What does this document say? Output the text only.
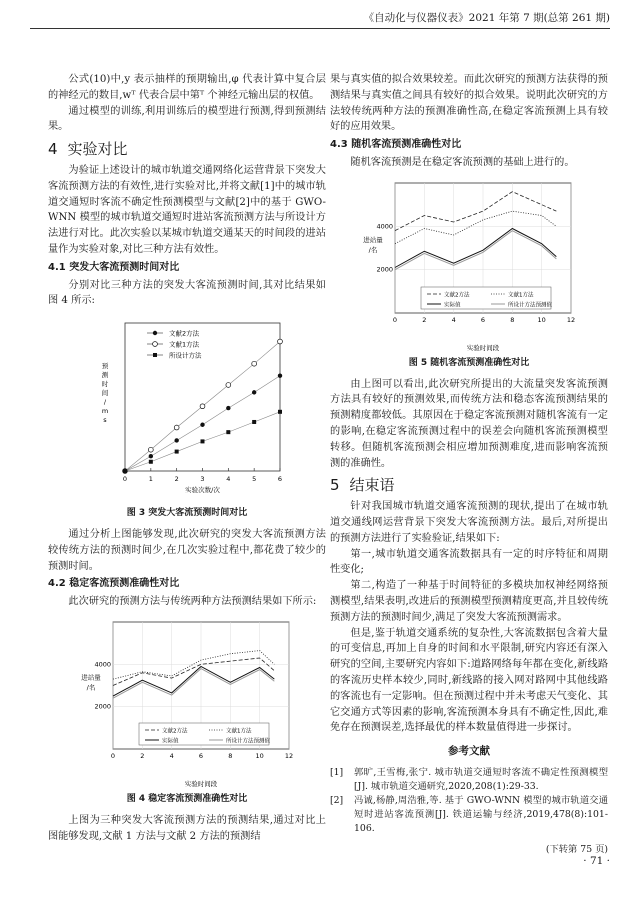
《自动化与仪器仪表》2021 年第 7 期(总第 261 期)

公式(10)中,y 表示抽样的预期输出,φ 代表计算中复合层的神经元的数目,wᵀ 代表合层中第ᵀ 个神经元输出层的权值。

通过模型的训练,利用训练后的模型进行预测,得到预测结果。

4 实验对比

为验证上述设计的城市轨道交通网络化运营背景下突发大客流预测方法的有效性,进行实验对比,并将文献[1]中的城市轨道交通短时客流不确定性预测模型与文献[2]中的基于 GWO-WNN 模型的城市轨道交通短时进站客流预测方法与所设计方法进行对比。此次实验以某城市轨道交通某天的时间段的进站量作为实验对象,对比三种方法有效性。

4.1 突发大客流预测时间对比

分别对比三种方法的突发大客流预测时间,其对比结果如图 4 所示:

0	1	2	3	4	5	6
实验次数/次
预
测
时
间
/
m
s
文献2方法
文献1方法
所设计方法
图 3 突发大客流预测时间对比

通过分析上图能够发现,此次研究的突发大客流预测方法较传统方法的预测时间少,在几次实验过程中,都花费了较少的预测时间。

4.2 稳定客流预测准确性对比

此次研究的预测方法与传统两种方法预测结果如下所示:

0	2	4	6	8	10	12
2000
4000
实验时间段
进站量
/名
文献2方法	文献1方法
实际值	所设计方法预测值
图 4 稳定客流预测准确性对比

上图为三种突发大客流预测方法的预测结果,通过对比上图能够发现,文献 1 方法与文献 2 方法的预测结

果与真实值的拟合效果较差。而此次研究的预测方法获得的预测结果与真实值之间具有较好的拟合效果。说明此次研究的方法较传统两种方法的预测准确性高,在稳定客流预测上具有较好的应用效果。

4.3 随机客流预测准确性对比

随机客流预测是在稳定客流预测的基础上进行的。

0	2	4	6	8	10	12
2000
4000
实验时间段
进站量
/名
文献2方法	文献1方法
实际值	所设计方法预测值
图 5 随机客流预测准确性对比

由上图可以看出,此次研究所提出的大流量突发客流预测方法具有较好的预测效果,而传统方法和稳态客流预测结果的预测精度都较低。其原因在于稳定客流预测对随机客流有一定的影响,在稳定客流预测过程中的误差会向随机客流预测模型转移。但随机客流预测会相应增加预测难度,进而影响客流预测的准确性。

5 结束语

针对我国城市轨道交通客流预测的现状,提出了在城市轨道交通线网运营背景下突发大客流预测方法。最后,对所提出的预测方法进行了实验验证,结果如下:

第一,城市轨道交通客流数据具有一定的时序特征和周期性变化;

第二,构造了一种基于时间特征的多模块加权神经网络预测模型,结果表明,改进后的预测模型预测精度更高,并且较传统预测方法的预测时间少,满足了突发大客流预测需求。

但是,鉴于轨道交通系统的复杂性,大客流数据包含着大量的可变信息,再加上自身的时间和水平限制,研究内容还有深入研究的空间,主要研究内容如下:道路网络每年都在变化,新线路的客流历史样本较少,同时,新线路的接入网对路网中其他线路的客流也有一定影响。但在预测过程中并未考虑天气变化、其它交通方式等因素的影响,客流预测本身具有不确定性,因此,难免存在预测误差,选择最优的样本数量值得进一步探讨。

参考文献
[1] 郭旷,王雪梅,张宁. 城市轨道交通短时客流不确定性预测模型[J]. 城市轨道交通研究,2020,208(1):29-33.
[2] 冯诚,杨静,周浩雅,等. 基于 GWO-WNN 模型的城市轨道交通短时进站客流预测[J]. 铁道运输与经济,2019,478(8):101-106.
(下转第 75 页)
· 71 ·
